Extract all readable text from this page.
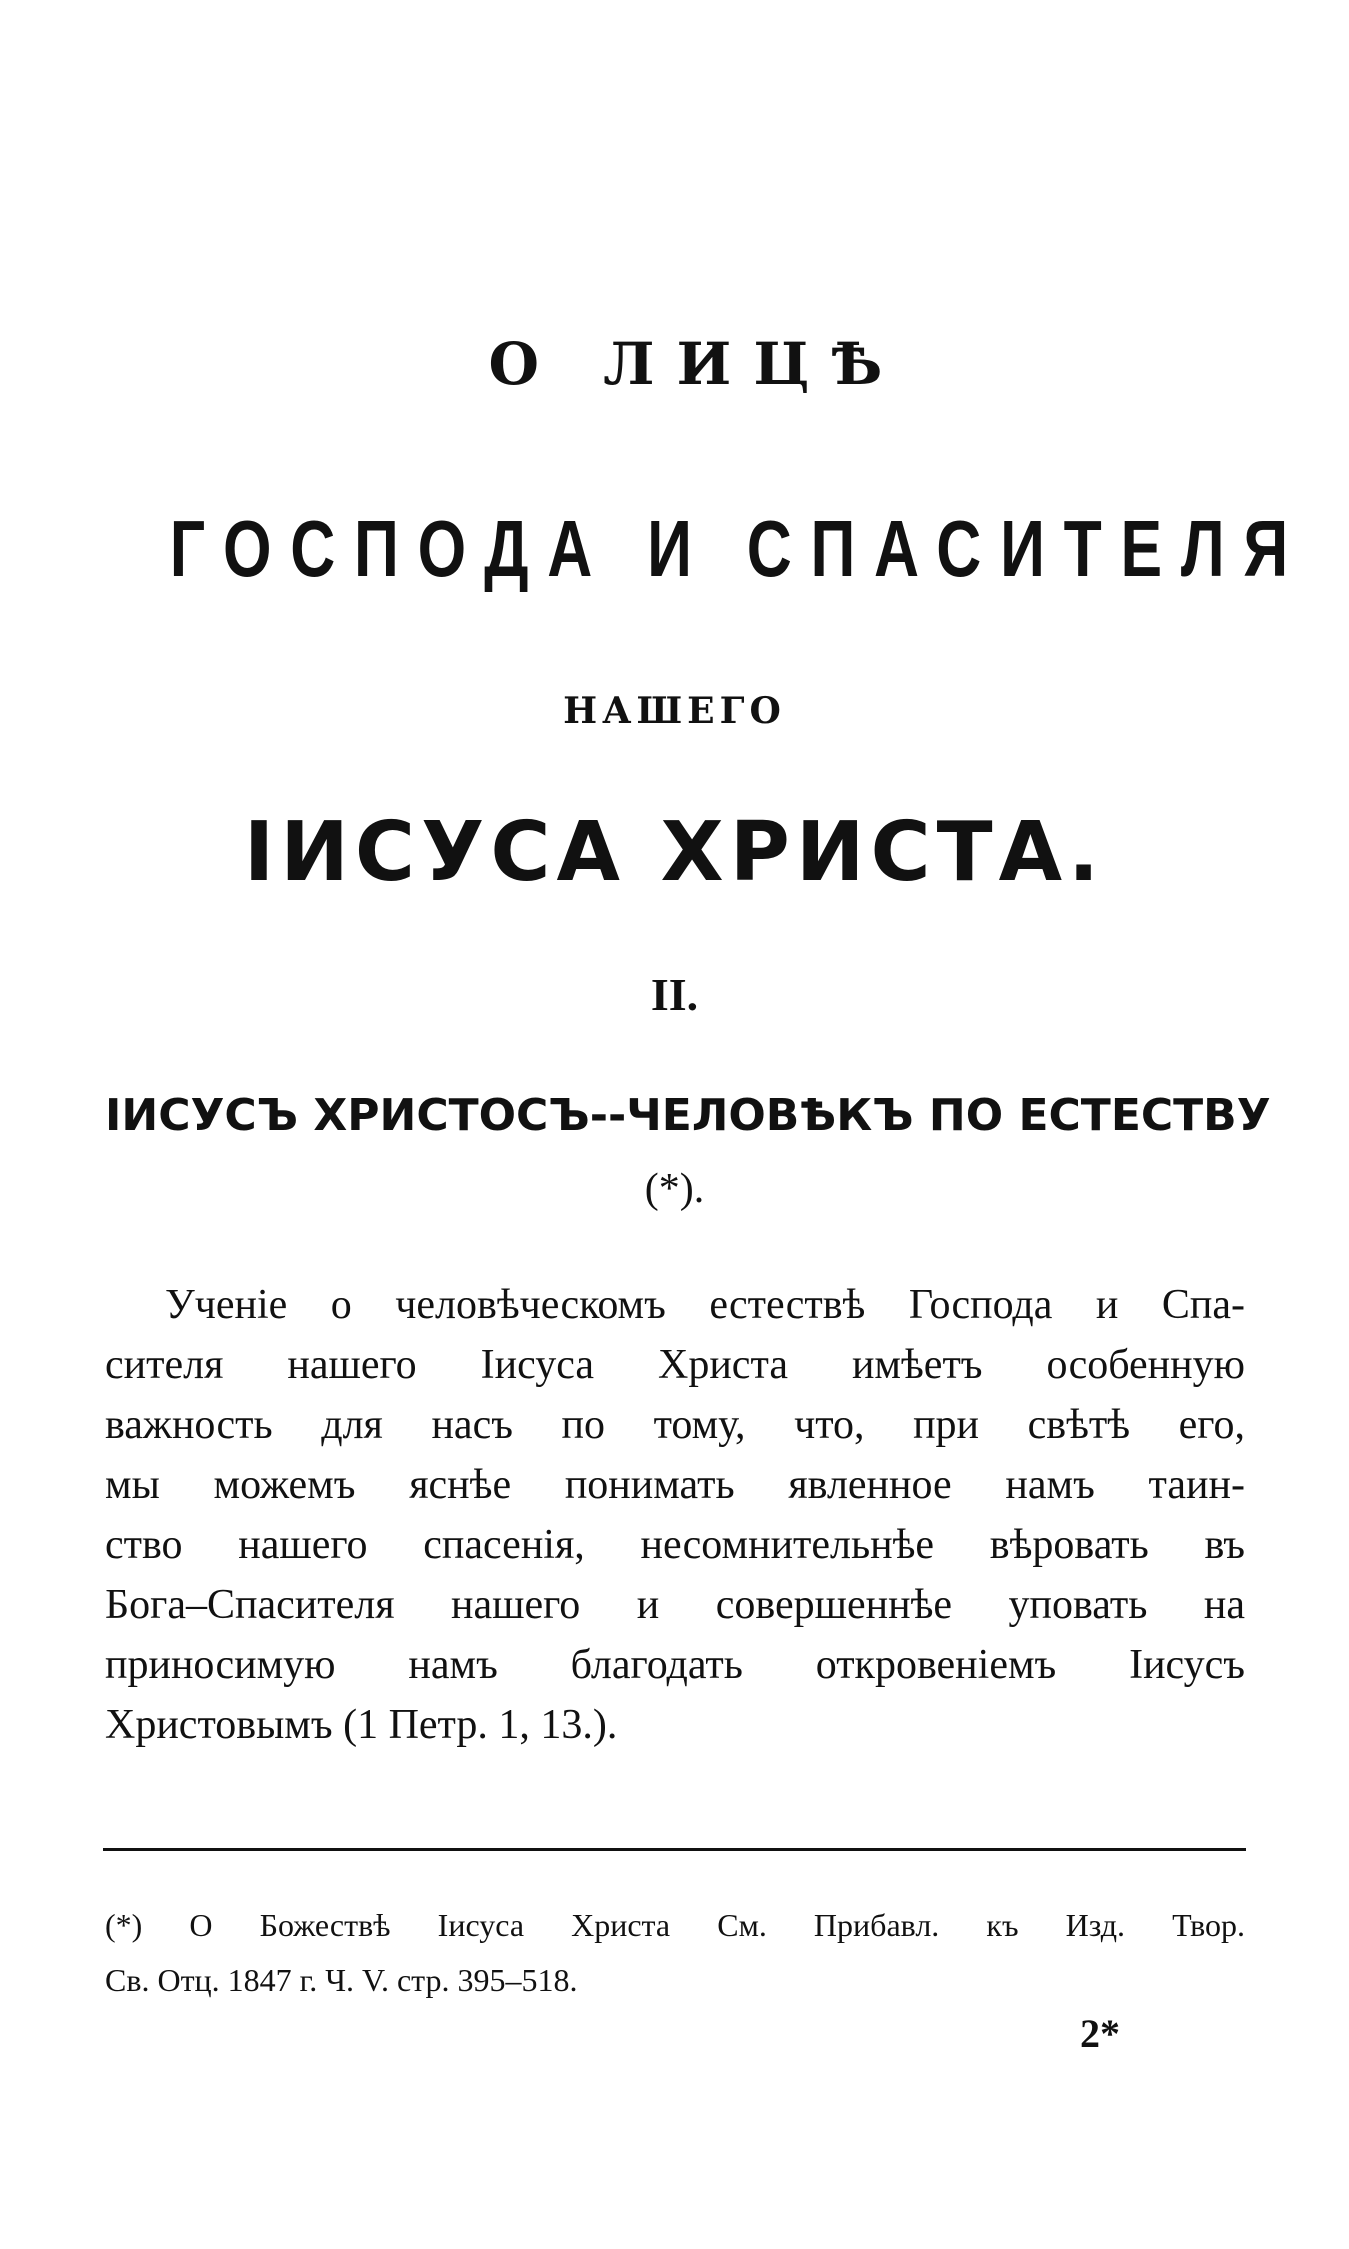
О ЛИЦѢ
ГОСПОДА И СПАСИТЕЛЯ
НАШЕГО
ІИСУСА ХРИСТА.
II.
ІИСУСЪ ХРИСТОСЪ--ЧЕЛОВѢКЪ ПО ЕСТЕСТВУ
(*).
Ученіе о человѣческомъ естествѣ Господа и Спа-
сителя нашего Іисуса Христа имѣетъ особенную
важность для насъ по тому, что, при свѣтѣ его,
мы можемъ яснѣе понимать явленное намъ таин-
ство нашего спасенія, несомнительнѣе вѣровать въ
Бога–Спасителя нашего и совершеннѣе уповать на
приносимую намъ благодать откровеніемъ Іисусъ
Христовымъ (1 Петр. 1, 13.).
(*) О Божествѣ Іисуса Христа См. Прибавл. къ Изд. Твор.
Св. Отц. 1847 г. Ч. V. стр. 395–518.
2*
